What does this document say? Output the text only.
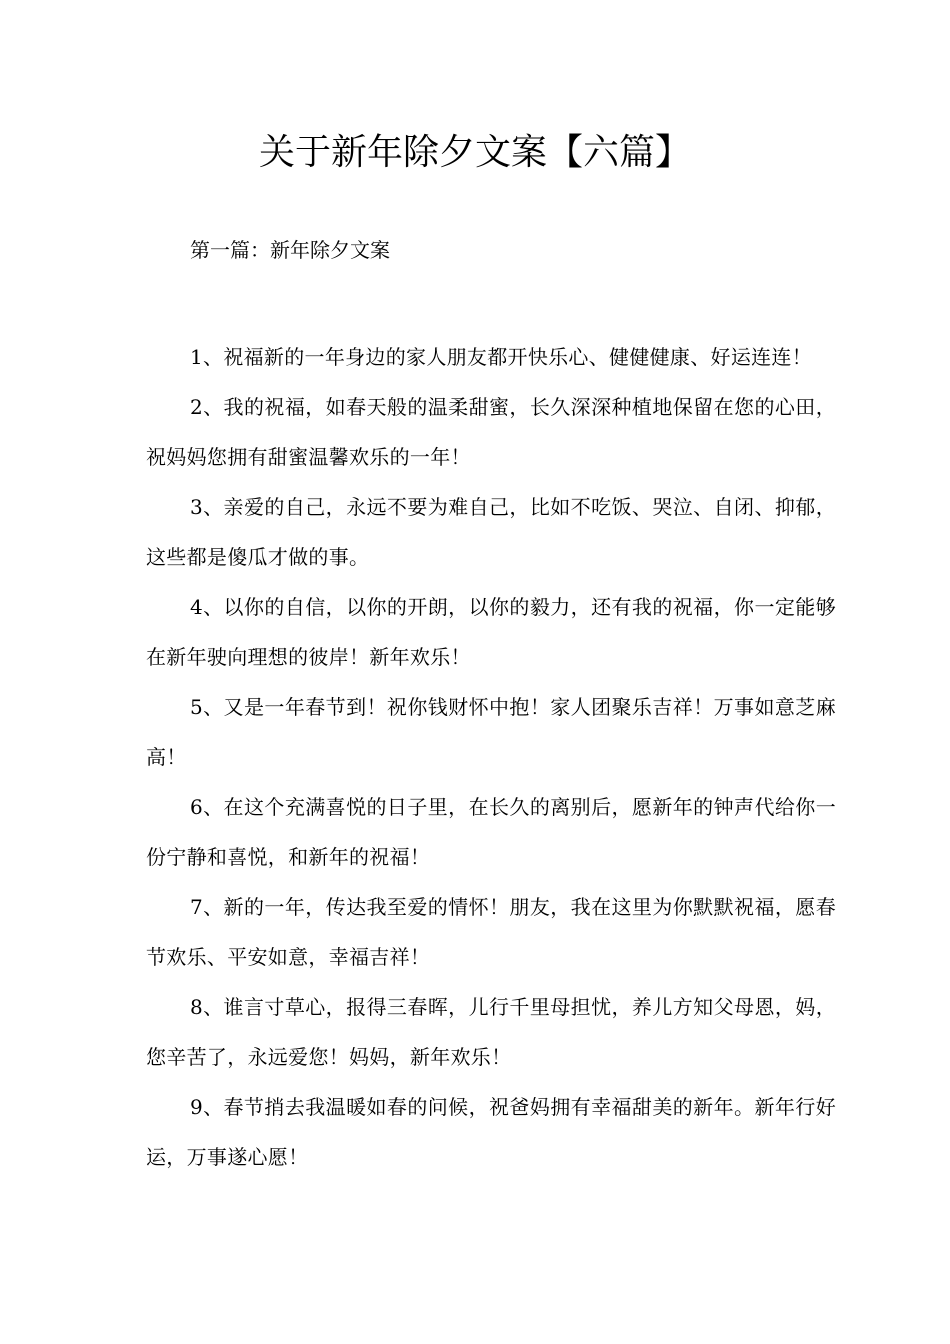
关于新年除夕文案【六篇】

第一篇：新年除夕文案

1、祝福新的一年身边的家人朋友都开快乐心、健健健康、好运连连！

2、我的祝福，如春天般的温柔甜蜜，长久深深种植地保留在您的心田，祝妈妈您拥有甜蜜温馨欢乐的一年！

3、亲爱的自己，永远不要为难自己，比如不吃饭、哭泣、自闭、抑郁，这些都是傻瓜才做的事。

4、以你的自信，以你的开朗，以你的毅力，还有我的祝福，你一定能够在新年驶向理想的彼岸！新年欢乐！

5、又是一年春节到！祝你钱财怀中抱！家人团聚乐吉祥！万事如意芝麻高！

6、在这个充满喜悦的日子里，在长久的离别后，愿新年的钟声代给你一份宁静和喜悦，和新年的祝福！

7、新的一年，传达我至爱的情怀！朋友，我在这里为你默默祝福，愿春节欢乐、平安如意，幸福吉祥！

8、谁言寸草心，报得三春晖，儿行千里母担忧，养儿方知父母恩，妈，您辛苦了，永远爱您！妈妈，新年欢乐！

9、春节捎去我温暖如春的问候，祝爸妈拥有幸福甜美的新年。新年行好运，万事遂心愿！
